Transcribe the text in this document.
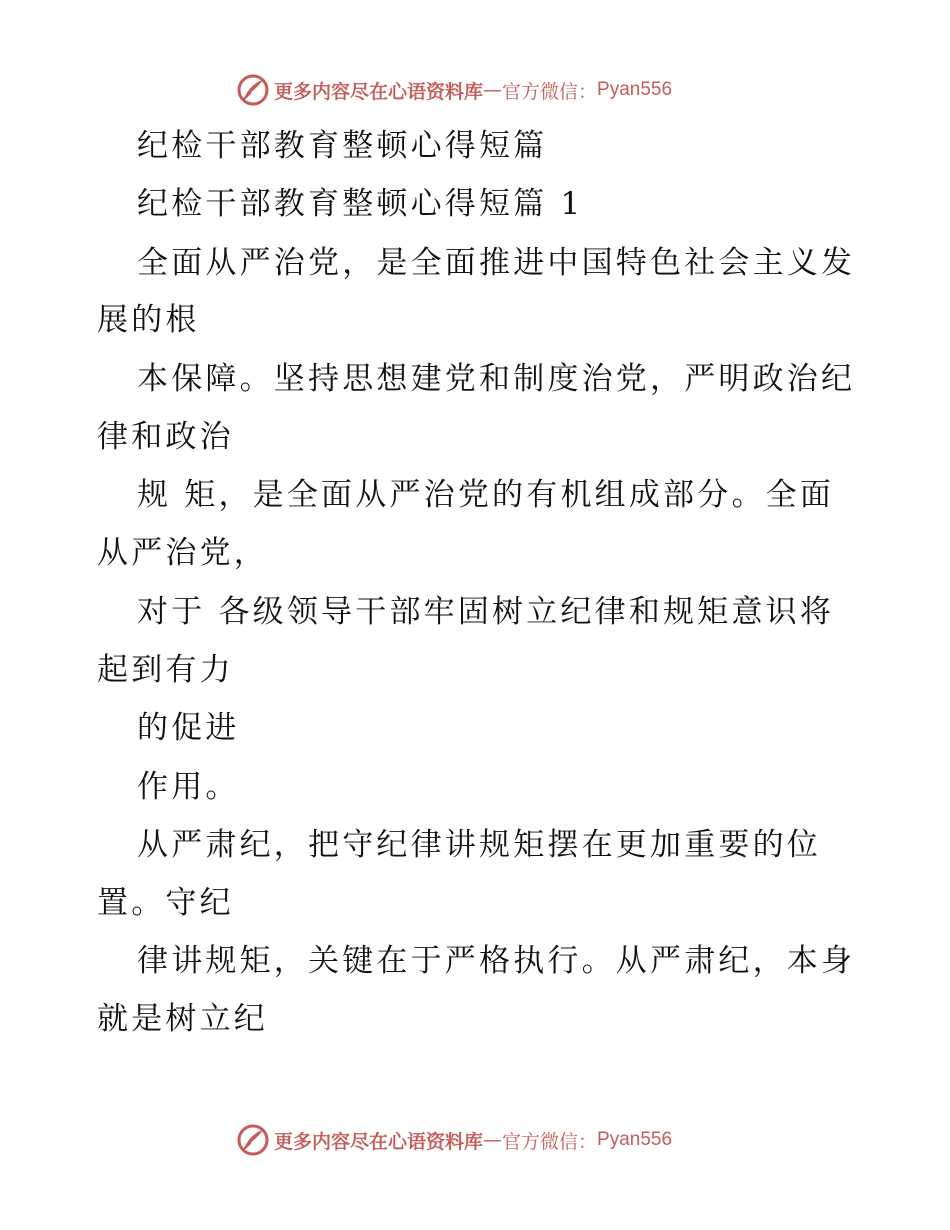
更多内容尽在心语资料库 — 官方微信： Pyan556
纪检干部教育整顿心得短篇
纪检干部教育整顿心得短篇 1
全面从严治党，是全面推进中国特色社会主义发
展的根
本保障。坚持思想建党和制度治党，严明政治纪
律和政治
规 矩，是全面从严治党的有机组成部分。全面
从严治党，
对于 各级领导干部牢固树立纪律和规矩意识将
起到有力
的促进
作用。
从严肃纪，把守纪律讲规矩摆在更加重要的位
置。守纪
律讲规矩，关键在于严格执行。从严肃纪，本身
就是树立纪
更多内容尽在心语资料库 — 官方微信： Pyan556
